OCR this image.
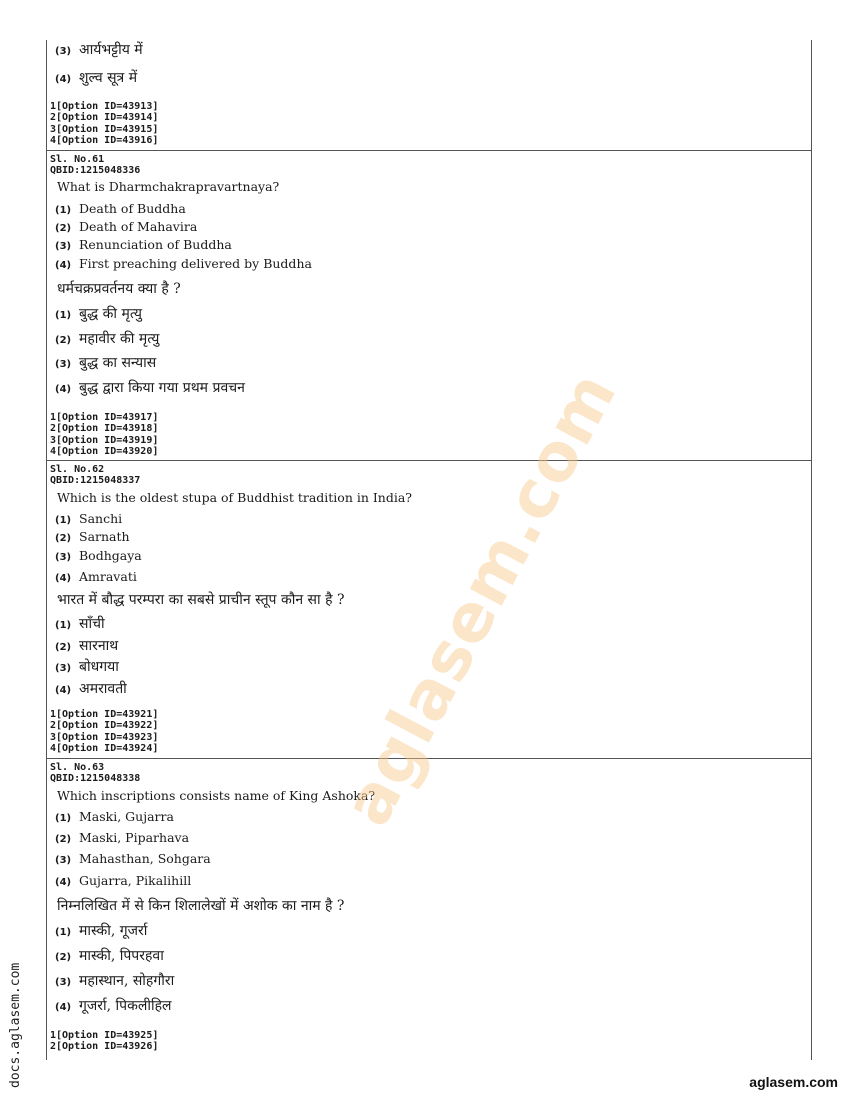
(3) आर्यभट्टीय में
(4) शुल्व सूत्र में
1[Option ID=43913]
2[Option ID=43914]
3[Option ID=43915]
4[Option ID=43916]
Sl. No.61
QBID:1215048336
What is Dharmchakrapravartnaya?
(1) Death of Buddha
(2) Death of Mahavira
(3) Renunciation of Buddha
(4) First preaching delivered by Buddha
धर्मचक्रप्रवर्तनय क्या है ?
(1) बुद्ध की मृत्यु
(2) महावीर की मृत्यु
(3) बुद्ध का सन्यास
(4) बुद्ध द्वारा किया गया प्रथम प्रवचन
1[Option ID=43917]
2[Option ID=43918]
3[Option ID=43919]
4[Option ID=43920]
Sl. No.62
QBID:1215048337
Which is the oldest stupa of Buddhist tradition in India?
(1) Sanchi
(2) Sarnath
(3) Bodhgaya
(4) Amravati
भारत में बौद्ध परम्परा का सबसे प्राचीन स्तूप कौन सा है ?
(1) साँची
(2) सारनाथ
(3) बोधगया
(4) अमरावती
1[Option ID=43921]
2[Option ID=43922]
3[Option ID=43923]
4[Option ID=43924]
Sl. No.63
QBID:1215048338
Which inscriptions consists name of King Ashoka?
(1) Maski, Gujarra
(2) Maski, Piparhava
(3) Mahasthan, Sohgara
(4) Gujarra, Pikalihill
निम्नलिखित में से किन शिलालेखों में अशोक का नाम है ?
(1) मास्की, गूजर्रा
(2) मास्की, पिपरहवा
(3) महास्थान, सोहगौरा
(4) गूजर्रा, पिकलीहिल
1[Option ID=43925]
2[Option ID=43926]
aglasem.com
docs.aglasem.com	aglasem.com
